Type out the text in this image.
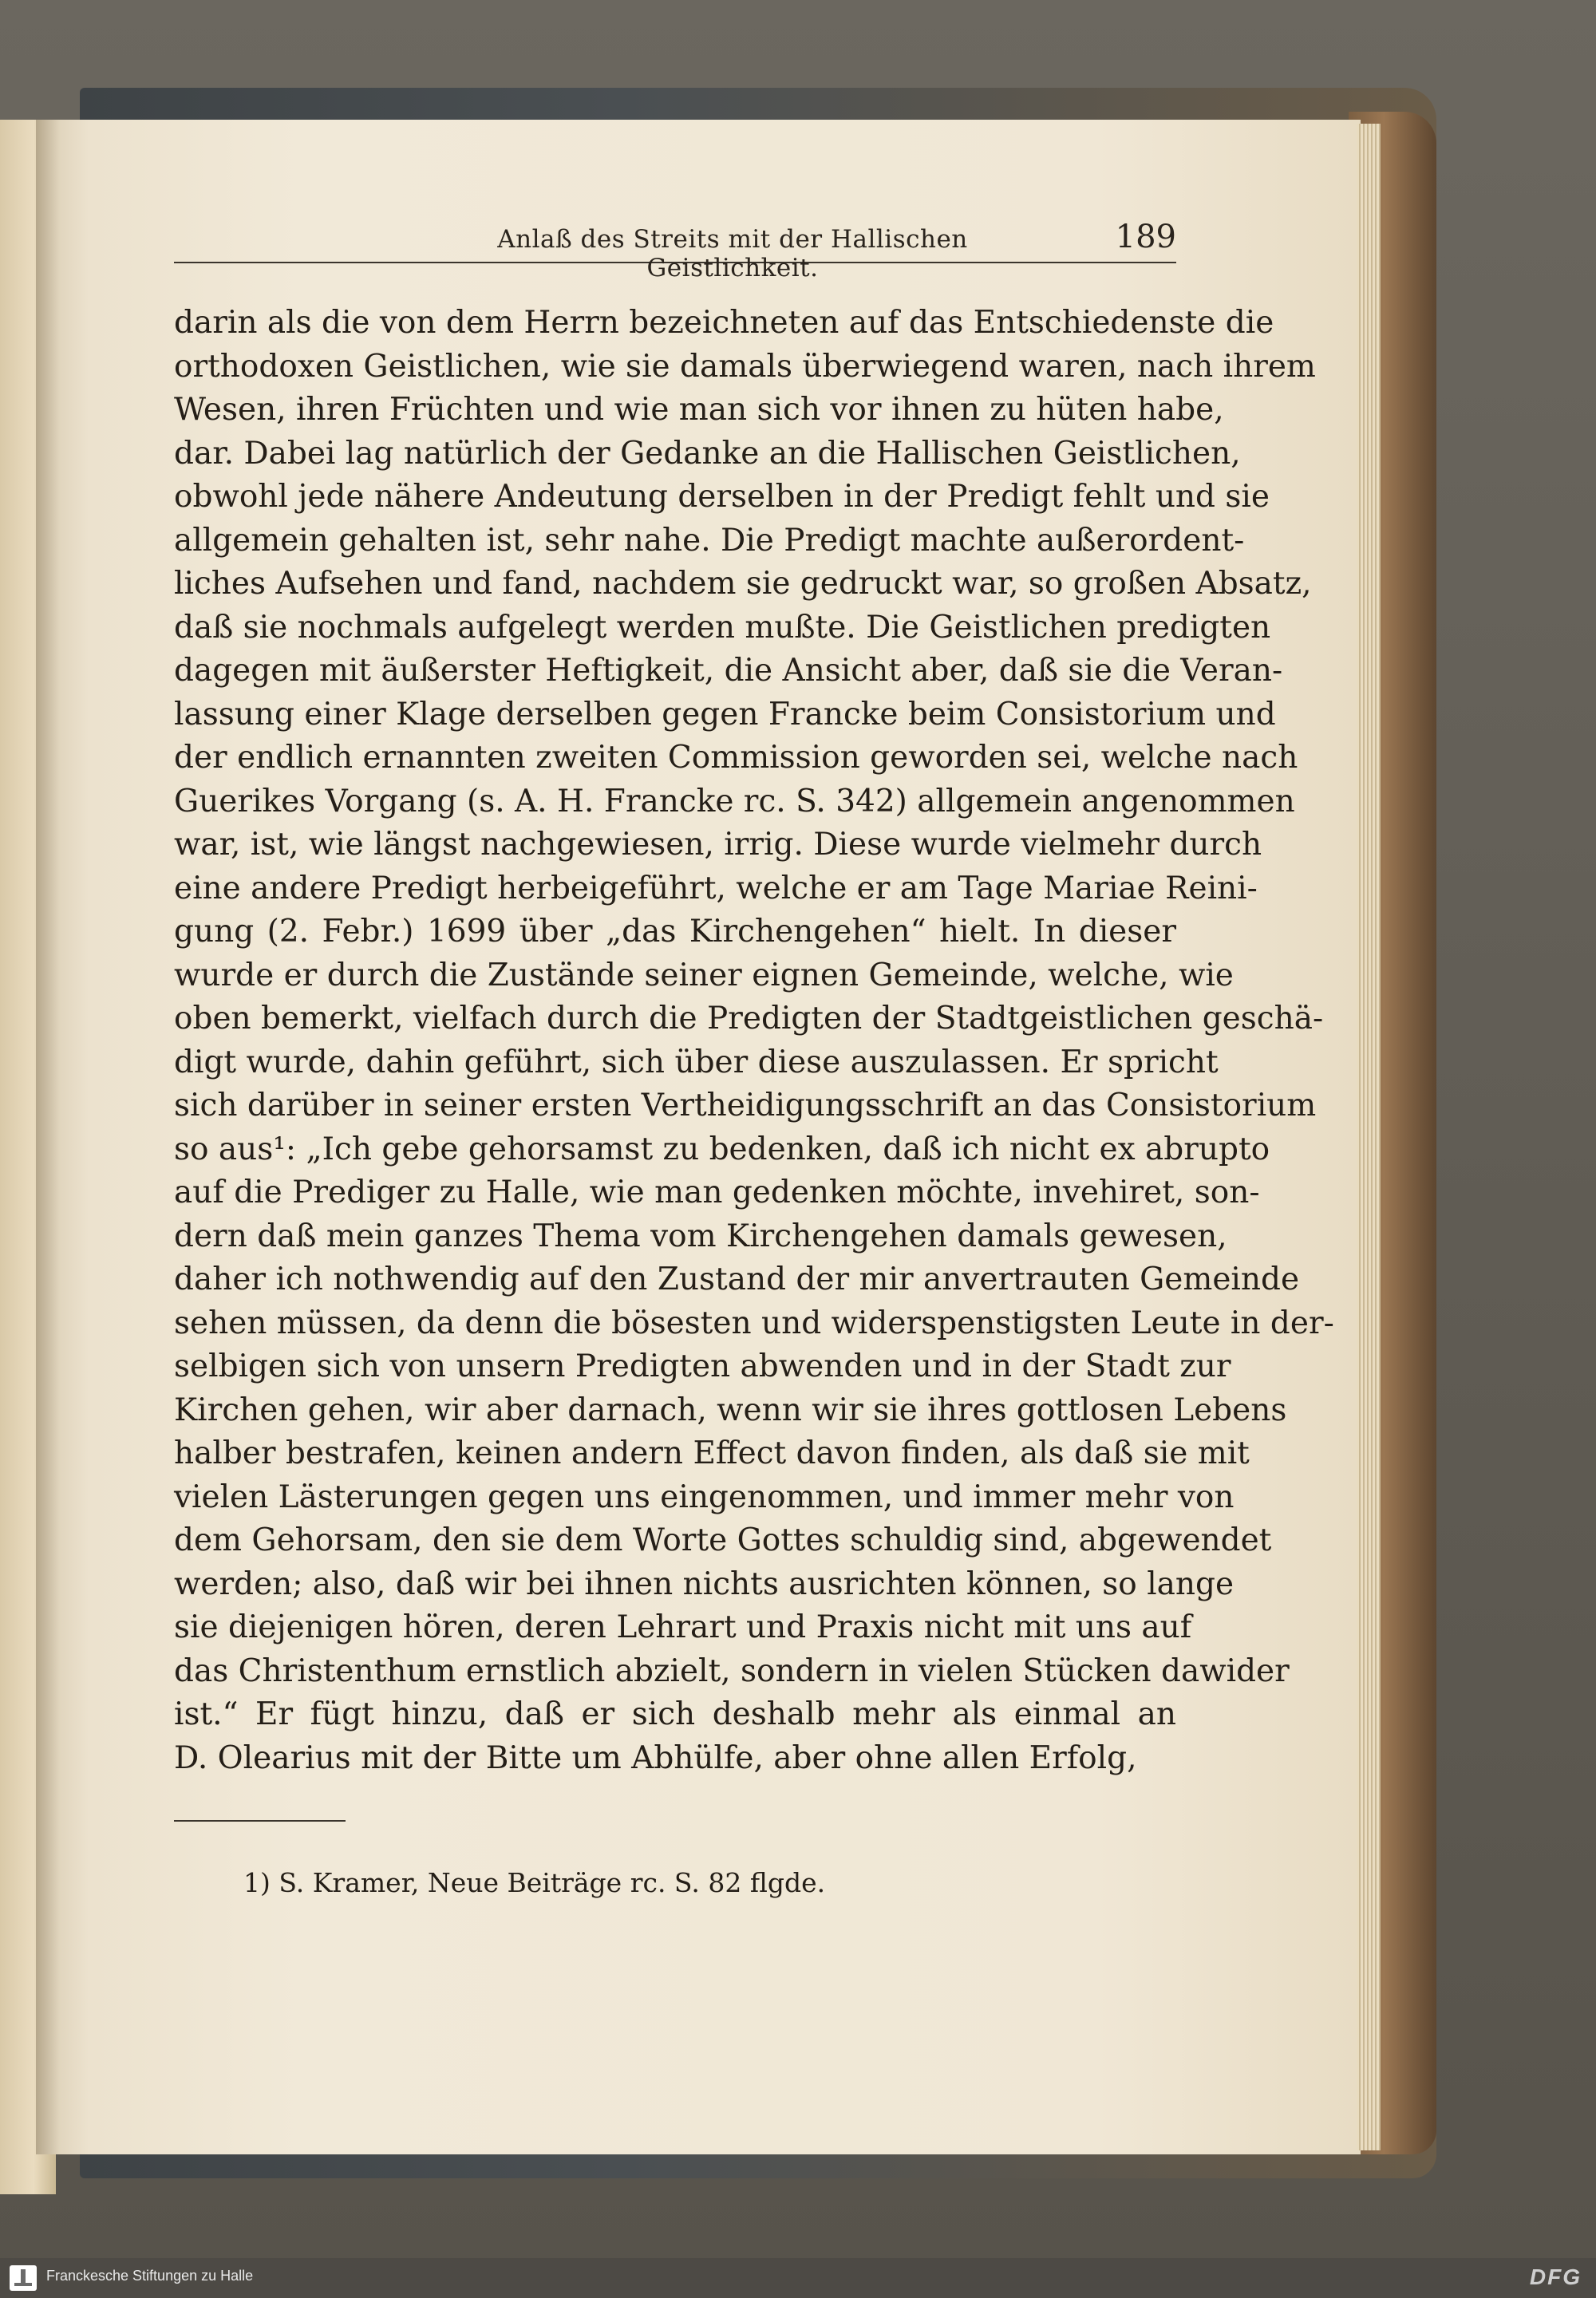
Anlaß des Streits mit der Hallischen Geistlichkeit.
189
darin als die von dem Herrn bezeichneten auf das Entschiedenste die
orthodoxen Geistlichen, wie sie damals überwiegend waren, nach ihrem
Wesen, ihren Früchten und wie man sich vor ihnen zu hüten habe,
dar. Dabei lag natürlich der Gedanke an die Hallischen Geistlichen,
obwohl jede nähere Andeutung derselben in der Predigt fehlt und sie
allgemein gehalten ist, sehr nahe. Die Predigt machte außerordent-
liches Aufsehen und fand, nachdem sie gedruckt war, so großen Absatz,
daß sie nochmals aufgelegt werden mußte. Die Geistlichen predigten
dagegen mit äußerster Heftigkeit, die Ansicht aber, daß sie die Veran-
lassung einer Klage derselben gegen Francke beim Consistorium und
der endlich ernannten zweiten Commission geworden sei, welche nach
Guerikes Vorgang (s. A. H. Francke rc. S. 342) allgemein angenommen
war, ist, wie längst nachgewiesen, irrig. Diese wurde vielmehr durch
eine andere Predigt herbeigeführt, welche er am Tage Mariae Reini-
gung (2. Febr.) 1699 über „das Kirchengehen“ hielt. In dieser
wurde er durch die Zustände seiner eignen Gemeinde, welche, wie
oben bemerkt, vielfach durch die Predigten der Stadtgeistlichen geschä-
digt wurde, dahin geführt, sich über diese auszulassen. Er spricht
sich darüber in seiner ersten Vertheidigungsschrift an das Consistorium
so aus¹: „Ich gebe gehorsamst zu bedenken, daß ich nicht ex abrupto
auf die Prediger zu Halle, wie man gedenken möchte, invehiret, son-
dern daß mein ganzes Thema vom Kirchengehen damals gewesen,
daher ich nothwendig auf den Zustand der mir anvertrauten Gemeinde
sehen müssen, da denn die bösesten und widerspenstigsten Leute in der-
selbigen sich von unsern Predigten abwenden und in der Stadt zur
Kirchen gehen, wir aber darnach, wenn wir sie ihres gottlosen Lebens
halber bestrafen, keinen andern Effect davon finden, als daß sie mit
vielen Lästerungen gegen uns eingenommen, und immer mehr von
dem Gehorsam, den sie dem Worte Gottes schuldig sind, abgewendet
werden; also, daß wir bei ihnen nichts ausrichten können, so lange
sie diejenigen hören, deren Lehrart und Praxis nicht mit uns auf
das Christenthum ernstlich abzielt, sondern in vielen Stücken dawider
ist.“ Er fügt hinzu, daß er sich deshalb mehr als einmal an
D. Olearius mit der Bitte um Abhülfe, aber ohne allen Erfolg,
1) S. Kramer, Neue Beiträge rc. S. 82 flgde.
Franckesche Stiftungen zu Halle	DFG
